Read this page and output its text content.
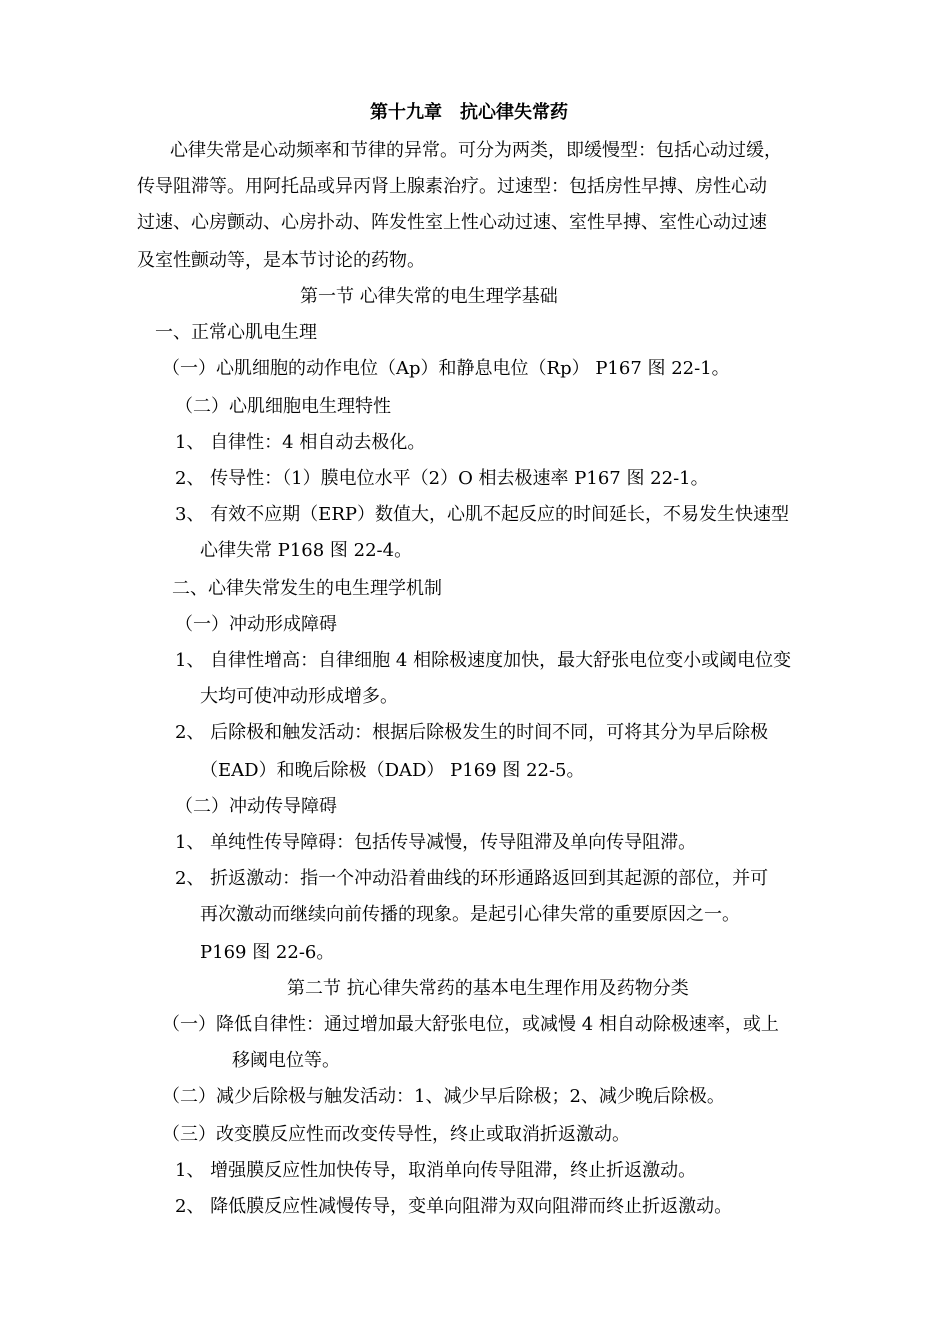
第十九章　抗心律失常药
心律失常是心动频率和节律的异常。可分为两类，即缓慢型：包括心动过缓，
传导阻滞等。用阿托品或异丙肾上腺素治疗。过速型：包括房性早搏、房性心动
过速、心房颤动、心房扑动、阵发性室上性心动过速、室性早搏、室性心动过速
及室性颤动等，是本节讨论的药物。
第一节 心律失常的电生理学基础
一、正常心肌电生理
（一）心肌细胞的动作电位（Ap）和静息电位（Rp） P167 图 22-1。
（二）心肌细胞电生理特性
1、 自律性：4 相自动去极化。
2、 传导性：（1）膜电位水平（2）O 相去极速率 P167 图 22-1。
3、 有效不应期（ERP）数值大，心肌不起反应的时间延长，不易发生快速型
心律失常 P168 图 22-4。
二、心律失常发生的电生理学机制
（一）冲动形成障碍
1、 自律性增高：自律细胞 4 相除极速度加快，最大舒张电位变小或阈电位变
大均可使冲动形成增多。
2、 后除极和触发活动：根据后除极发生的时间不同，可将其分为早后除极
（EAD）和晚后除极（DAD） P169 图 22-5。
（二）冲动传导障碍
1、 单纯性传导障碍：包括传导减慢，传导阻滞及单向传导阻滞。
2、 折返激动：指一个冲动沿着曲线的环形通路返回到其起源的部位，并可
再次激动而继续向前传播的现象。是起引心律失常的重要原因之一。
P169 图 22-6。
第二节 抗心律失常药的基本电生理作用及药物分类
（一）降低自律性：通过增加最大舒张电位，或减慢 4 相自动除极速率，或上
移阈电位等。
（二）减少后除极与触发活动：1、减少早后除极；2、减少晚后除极。
（三）改变膜反应性而改变传导性，终止或取消折返激动。
1、 增强膜反应性加快传导，取消单向传导阻滞，终止折返激动。
2、 降低膜反应性减慢传导，变单向阻滞为双向阻滞而终止折返激动。
